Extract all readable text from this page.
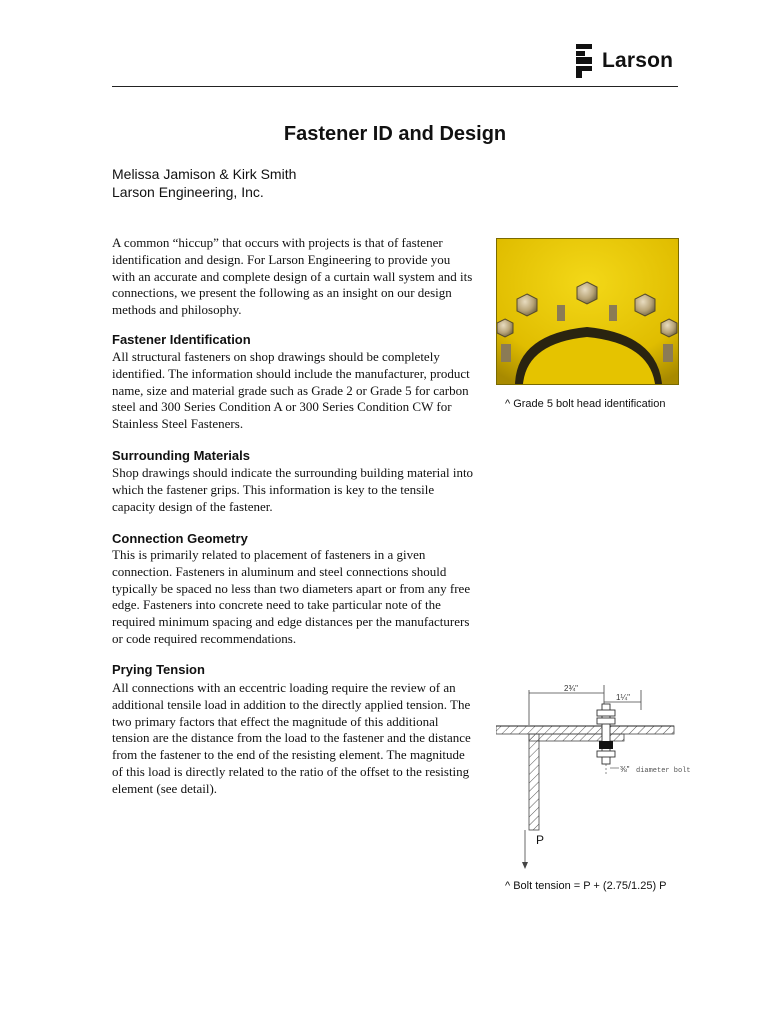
Larson
Fastener ID and Design
Melissa Jamison & Kirk Smith
Larson Engineering, Inc.
A common “hiccup” that occurs with projects is that of fastener identification and design. For Larson Engineering to provide you with an accurate and complete design of a curtain wall system and its connections, we present the following as an insight on our design methods and philosophy.
Fastener Identification
All structural fasteners on shop drawings should be completely identified. The information should include the manufacturer, product name, size and material grade such as Grade 2 or Grade 5 for carbon steel and 300 Series Condition A or 300 Series Condition CW for Stainless Steel Fasteners.
Surrounding Materials
Shop drawings should indicate the surrounding building material into which the fastener grips. This information is key to the tensile capacity design of the fastener.
Connection Geometry
This is primarily related to placement of fasteners in a given connection. Fasteners in aluminum and steel connections should typically be spaced no less than two diameters apart or from any free edge. Fasteners into concrete need to take particular note of the required minimum spacing and edge distances per the manufacturers or code required recommendations.
Prying Tension
All connections with an eccentric loading require the review of an additional tensile load in addition to the directly applied tension. The two primary factors that effect the magnitude of this additional tension are the distance from the load to the fastener and the distance from the fastener to the end of the resisting element. The magnitude of this load is directly related to the ratio of the offset to the resisting element (see detail).
^ Grade 5 bolt head identification
2¾"
1¼"
⅜" diameter bolt
P
^ Bolt tension = P + (2.75/1.25) P
